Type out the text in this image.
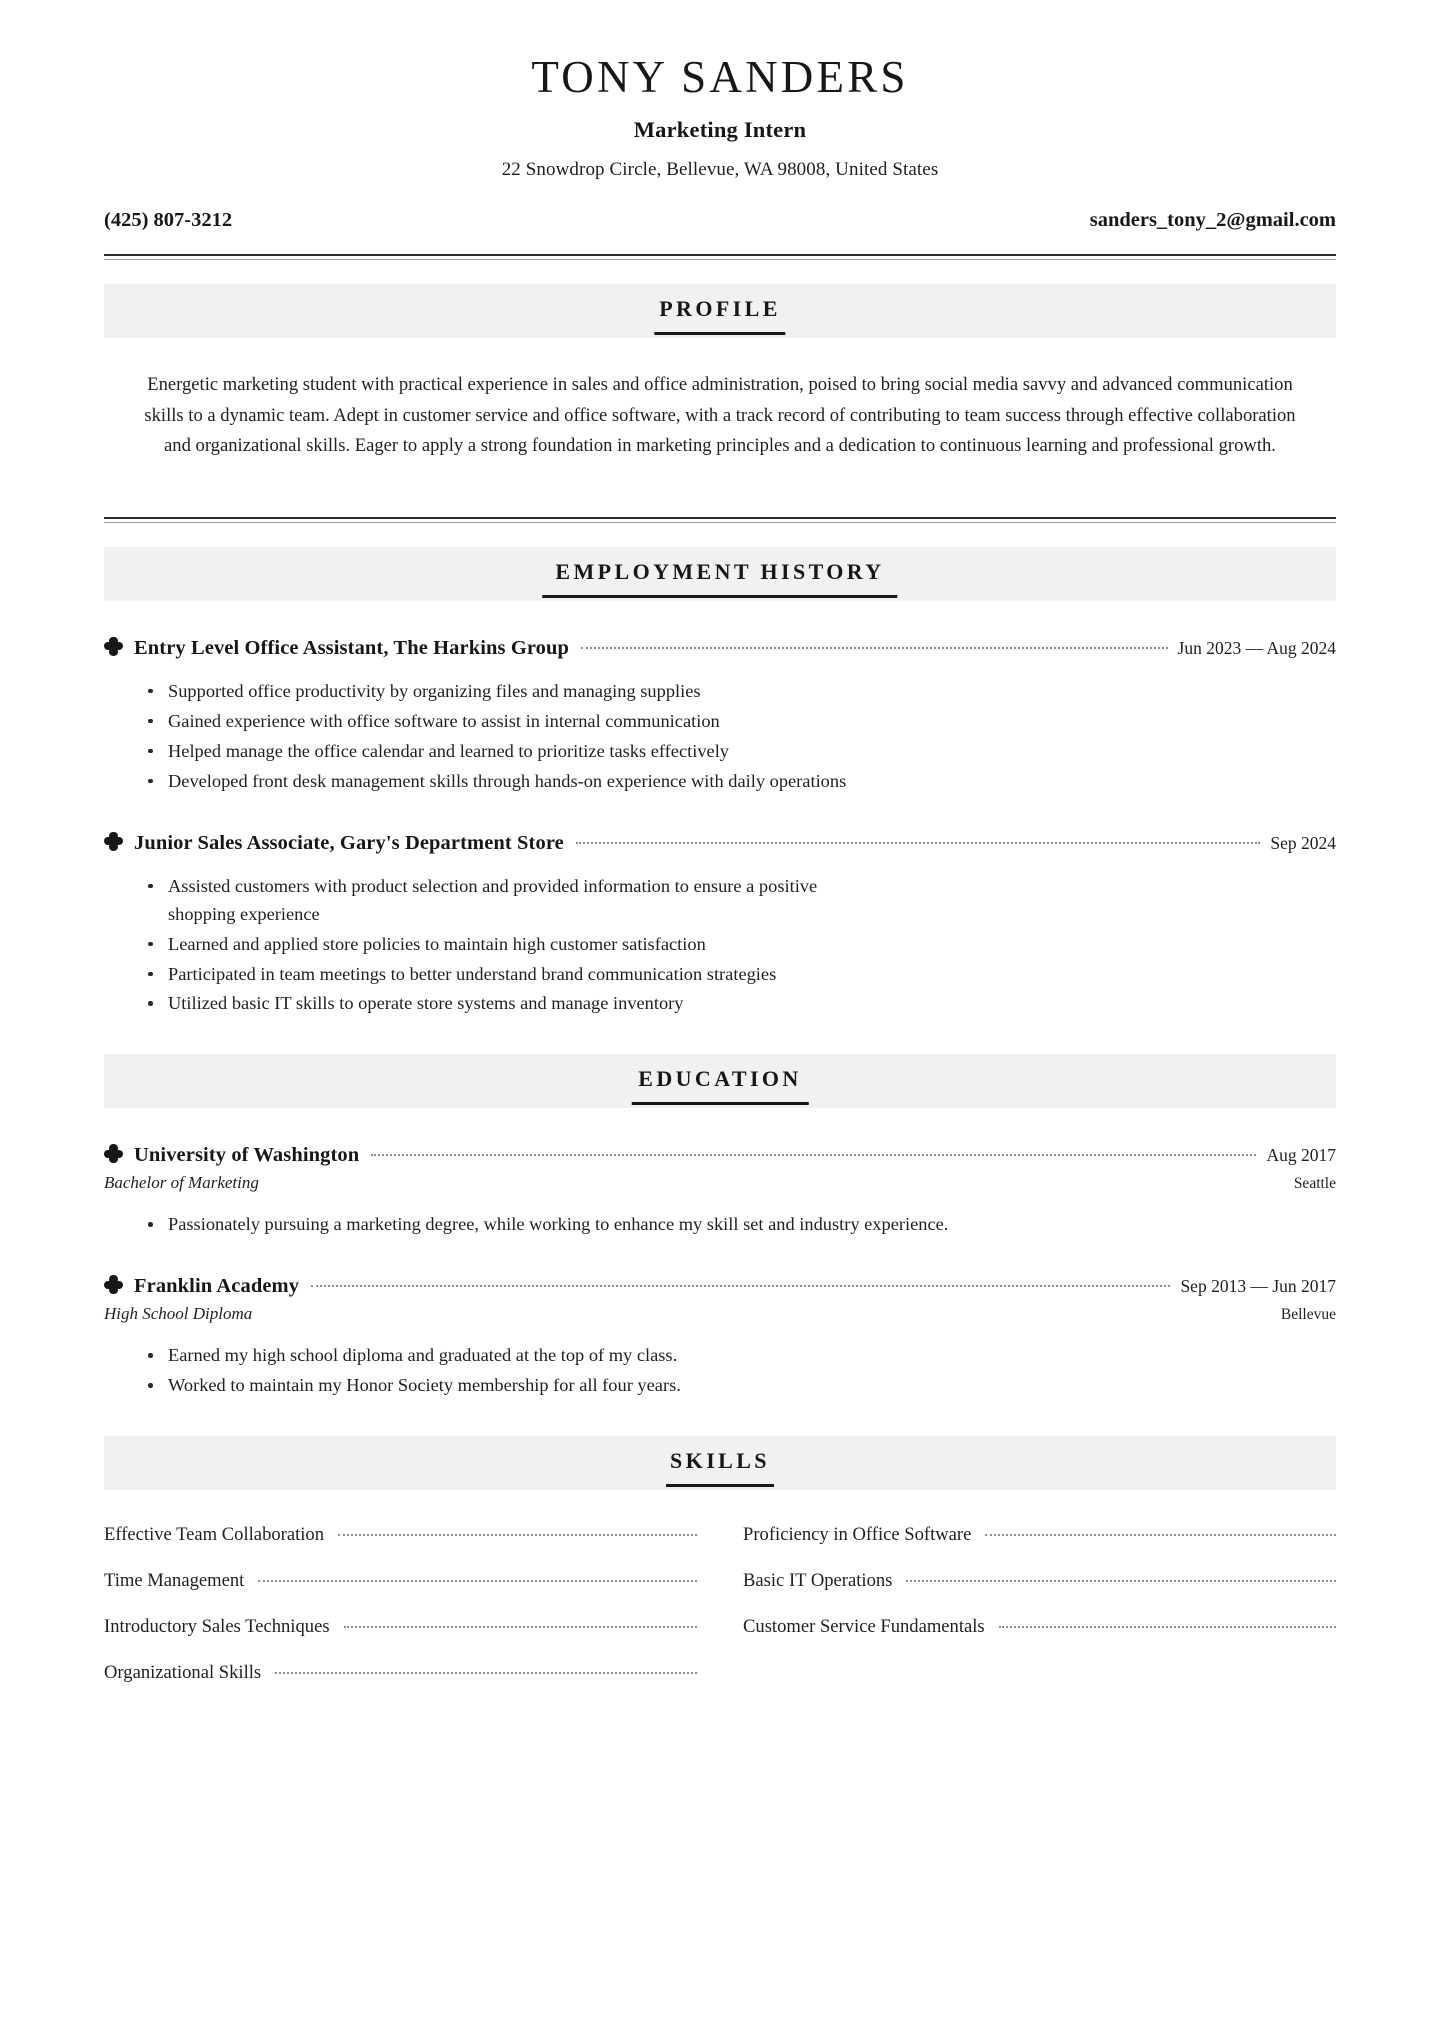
TONY SANDERS
Marketing Intern
22 Snowdrop Circle, Bellevue, WA 98008, United States
(425) 807-3212	sanders_tony_2@gmail.com
PROFILE
Energetic marketing student with practical experience in sales and office administration, poised to bring social media savvy and advanced communication skills to a dynamic team. Adept in customer service and office software, with a track record of contributing to team success through effective collaboration and organizational skills. Eager to apply a strong foundation in marketing principles and a dedication to continuous learning and professional growth.
EMPLOYMENT HISTORY
Entry Level Office Assistant, The Harkins Group	Jun 2023 — Aug 2024
Supported office productivity by organizing files and managing supplies
Gained experience with office software to assist in internal communication
Helped manage the office calendar and learned to prioritize tasks effectively
Developed front desk management skills through hands-on experience with daily operations
Junior Sales Associate, Gary's Department Store	Sep 2024
Assisted customers with product selection and provided information to ensure a positive shopping experience
Learned and applied store policies to maintain high customer satisfaction
Participated in team meetings to better understand brand communication strategies
Utilized basic IT skills to operate store systems and manage inventory
EDUCATION
University of Washington	Aug 2017
Bachelor of Marketing	Seattle
Passionately pursuing a marketing degree, while working to enhance my skill set and industry experience.
Franklin Academy	Sep 2013 — Jun 2017
High School Diploma	Bellevue
Earned my high school diploma and graduated at the top of my class.
Worked to maintain my Honor Society membership for all four years.
SKILLS
Effective Team Collaboration	Proficiency in Office Software
Time Management	Basic IT Operations
Introductory Sales Techniques	Customer Service Fundamentals
Organizational Skills
